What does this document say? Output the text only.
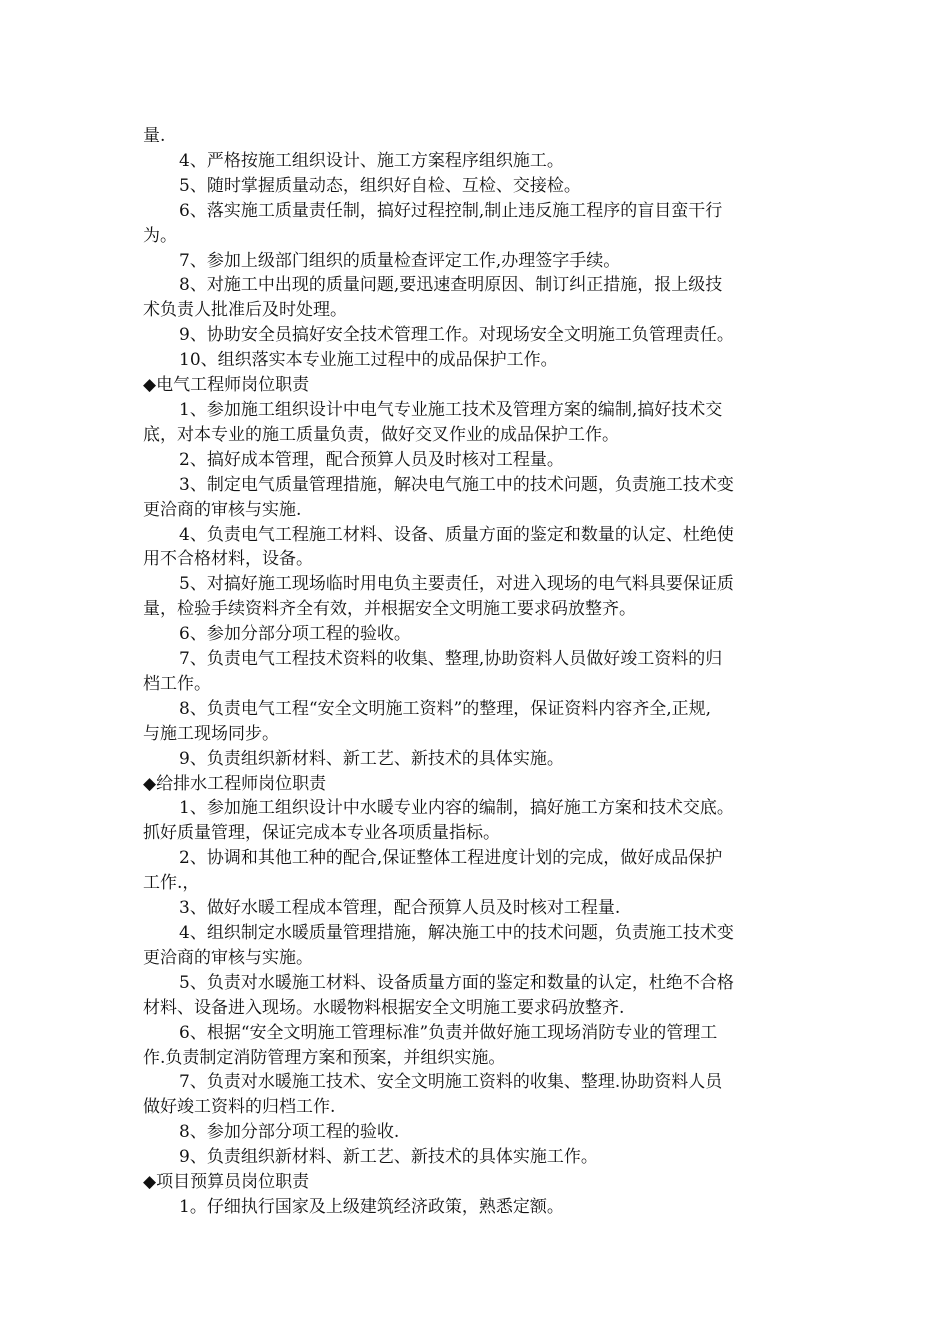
量.

4、严格按施工组织设计、施工方案程序组织施工。

5、随时掌握质量动态，组织好自检、互检、交接检。

6、落实施工质量责任制，搞好过程控制,制止违反施工程序的盲目蛮干行

为。

7、参加上级部门组织的质量检查评定工作,办理签字手续。

8、对施工中出现的质量问题,要迅速查明原因、制订纠正措施，报上级技

术负责人批准后及时处理。

9、协助安全员搞好安全技术管理工作。对现场安全文明施工负管理责任。

10、组织落实本专业施工过程中的成品保护工作。

◆电气工程师岗位职责

1、参加施工组织设计中电气专业施工技术及管理方案的编制,搞好技术交

底，对本专业的施工质量负责，做好交叉作业的成品保护工作。

2、搞好成本管理，配合预算人员及时核对工程量。

3、制定电气质量管理措施，解决电气施工中的技术问题，负责施工技术变

更洽商的审核与实施.

4、负责电气工程施工材料、设备、质量方面的鉴定和数量的认定、杜绝使

用不合格材料，设备。

5、对搞好施工现场临时用电负主要责任，对进入现场的电气料具要保证质

量，检验手续资料齐全有效，并根据安全文明施工要求码放整齐。

6、参加分部分项工程的验收。

7、负责电气工程技术资料的收集、整理,协助资料人员做好竣工资料的归

档工作。

8、负责电气工程“安全文明施工资料”的整理，保证资料内容齐全,正规,

与施工现场同步。

9、负责组织新材料、新工艺、新技术的具体实施。

◆给排水工程师岗位职责

1、参加施工组织设计中水暖专业内容的编制，搞好施工方案和技术交底。

抓好质量管理，保证完成本专业各项质量指标。

2、协调和其他工种的配合,保证整体工程进度计划的完成，做好成品保护

工作.，

3、做好水暖工程成本管理，配合预算人员及时核对工程量.

4、组织制定水暖质量管理措施，解决施工中的技术问题，负责施工技术变

更洽商的审核与实施。

5、负责对水暖施工材料、设备质量方面的鉴定和数量的认定，杜绝不合格

材料、设备进入现场。水暖物料根据安全文明施工要求码放整齐.

6、根据“安全文明施工管理标准”负责并做好施工现场消防专业的管理工

作.负责制定消防管理方案和预案，并组织实施。

7、负责对水暖施工技术、安全文明施工资料的收集、整理.协助资料人员

做好竣工资料的归档工作.

8、参加分部分项工程的验收.

9、负责组织新材料、新工艺、新技术的具体实施工作。

◆项目预算员岗位职责

1。仔细执行国家及上级建筑经济政策，熟悉定额。
